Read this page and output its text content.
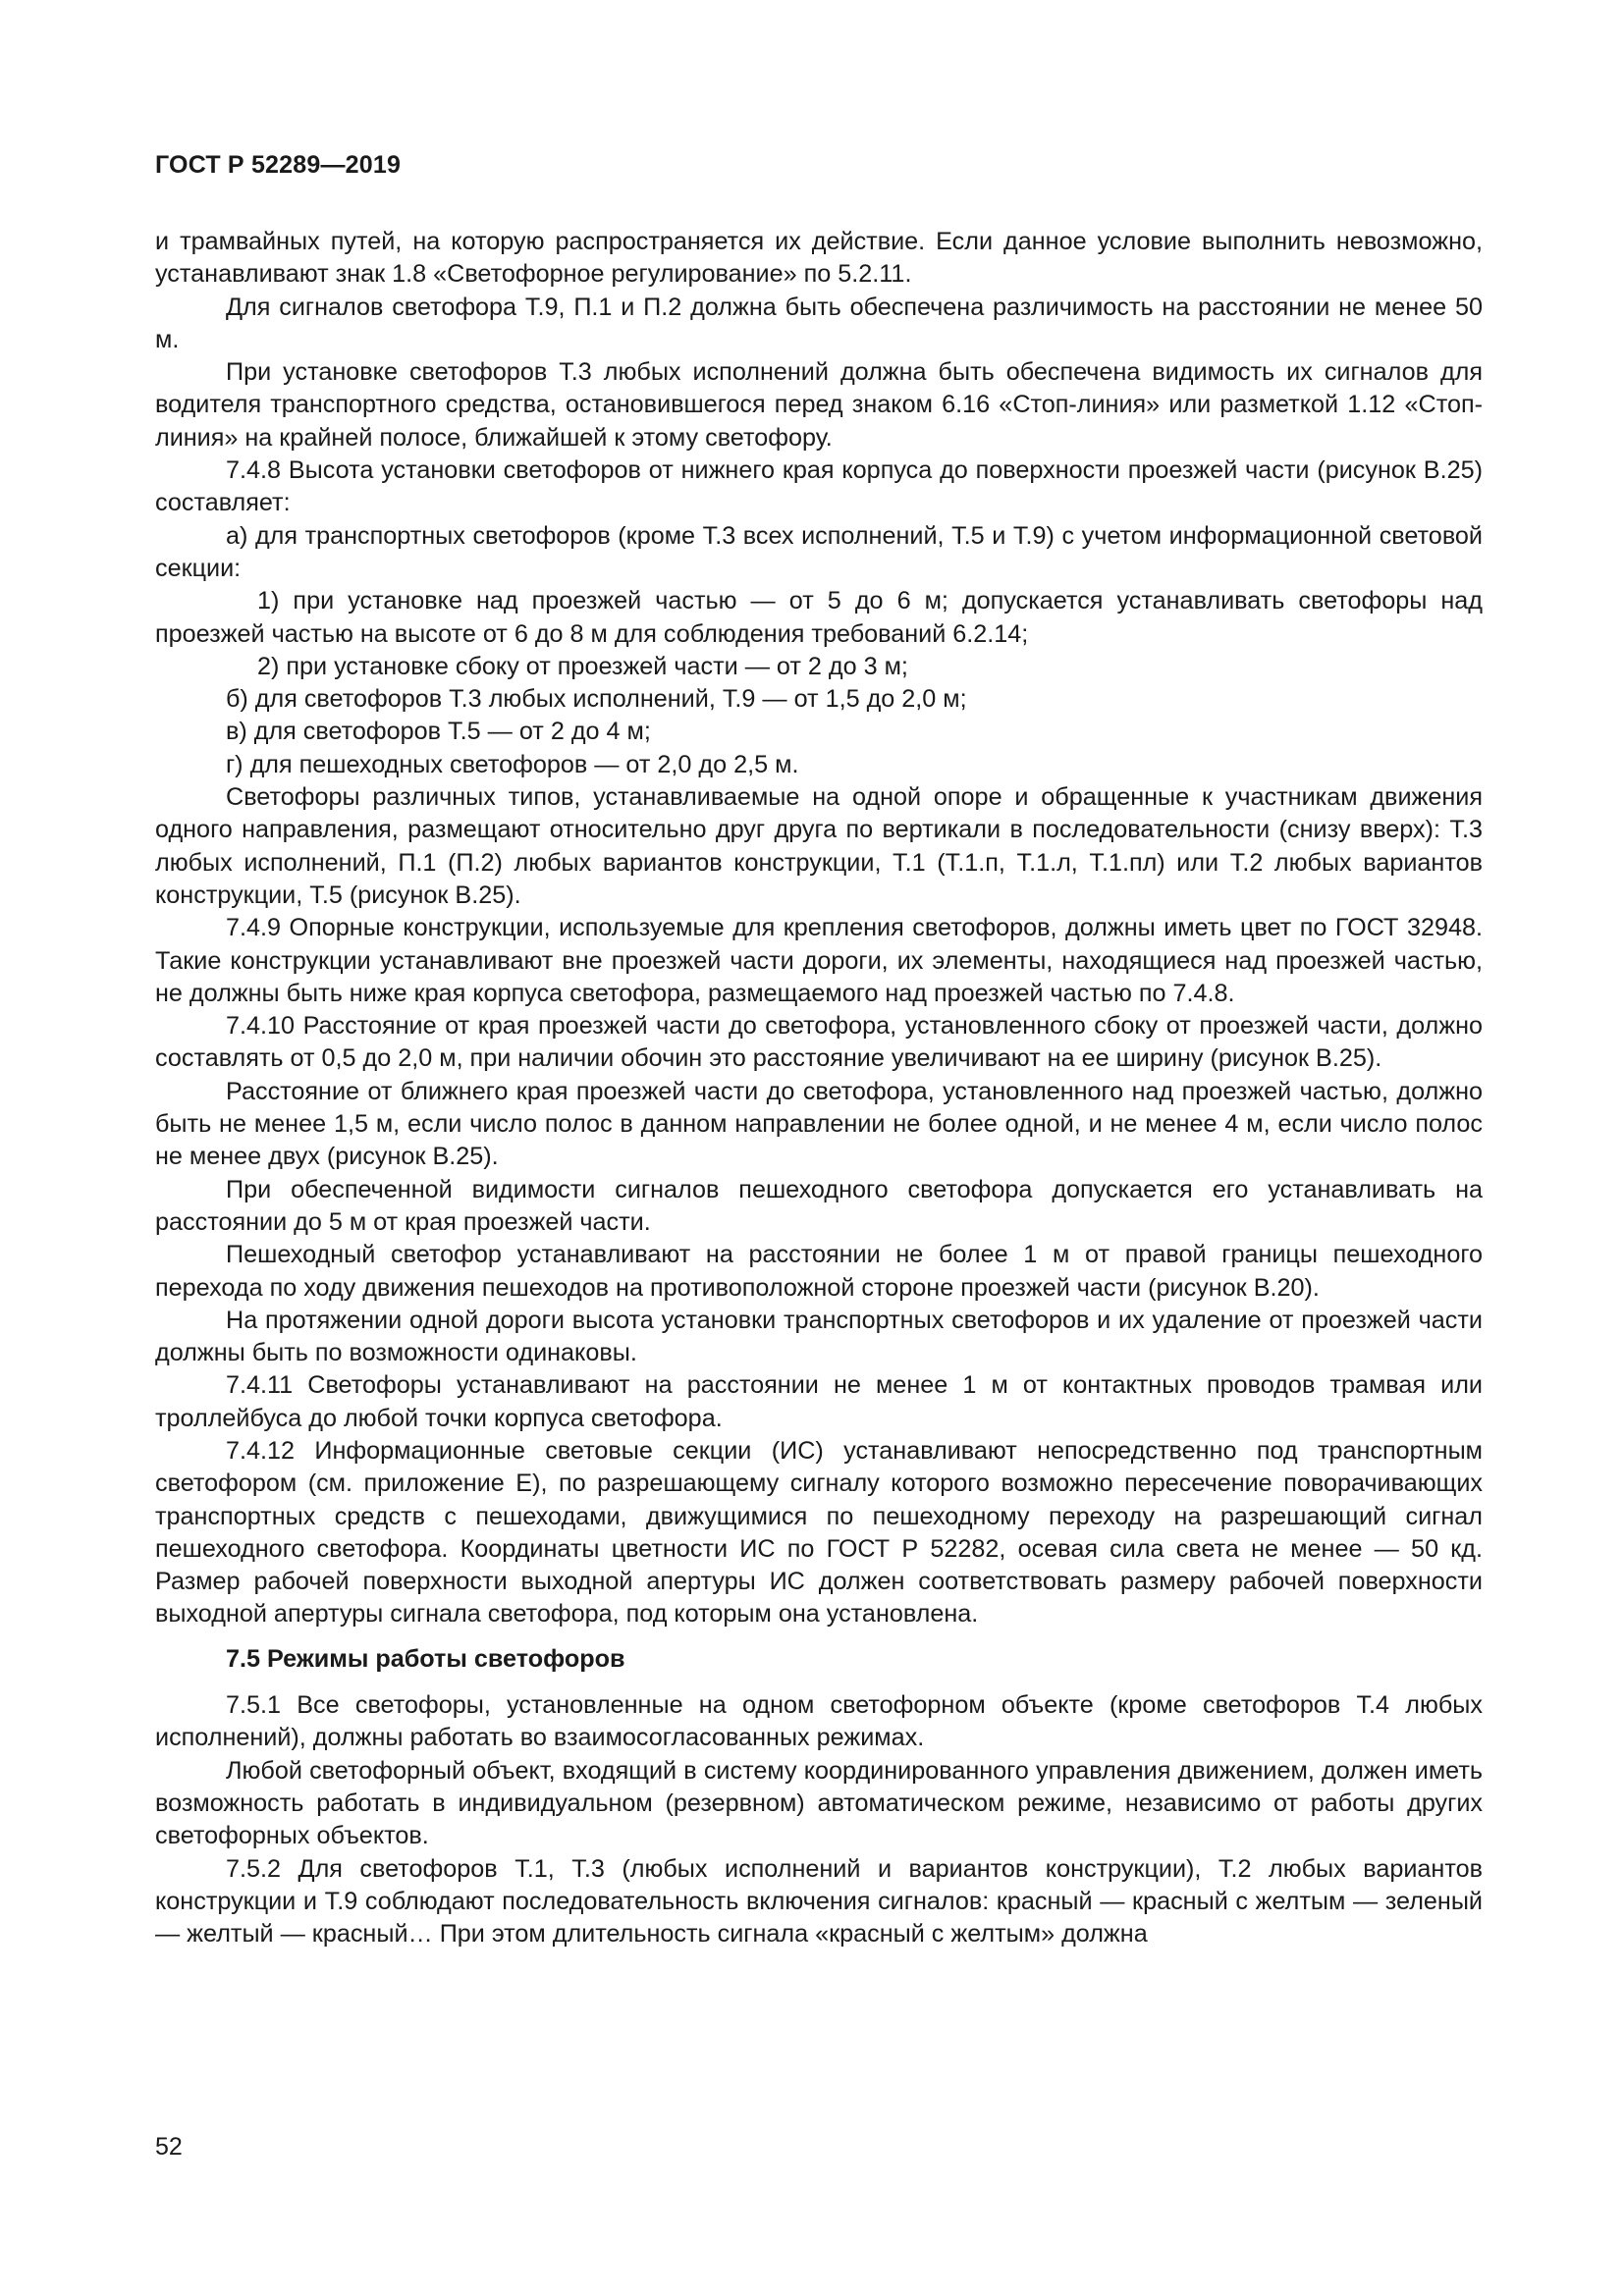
ГОСТ Р 52289—2019

и трамвайных путей, на которую распространяется их действие. Если данное условие выполнить невозможно, устанавливают знак 1.8 «Светофорное регулирование» по 5.2.11.

Для сигналов светофора Т.9, П.1 и П.2 должна быть обеспечена различимость на расстоянии не менее 50 м.

При установке светофоров Т.3 любых исполнений должна быть обеспечена видимость их сигналов для водителя транспортного средства, остановившегося перед знаком 6.16 «Стоп-линия» или разметкой 1.12 «Стоп-линия» на крайней полосе, ближайшей к этому светофору.

7.4.8 Высота установки светофоров от нижнего края корпуса до поверхности проезжей части (рисунок В.25) составляет:

а) для транспортных светофоров (кроме Т.3 всех исполнений, Т.5 и Т.9) с учетом информационной световой секции:

1) при установке над проезжей частью — от 5 до 6 м; допускается устанавливать светофоры над проезжей частью на высоте от 6 до 8 м для соблюдения требований 6.2.14;

2) при установке сбоку от проезжей части — от 2 до 3 м;

б) для светофоров Т.3 любых исполнений, Т.9 — от 1,5 до 2,0 м;

в) для светофоров Т.5 — от 2 до 4 м;

г) для пешеходных светофоров — от 2,0 до 2,5 м.

Светофоры различных типов, устанавливаемые на одной опоре и обращенные к участникам движения одного направления, размещают относительно друг друга по вертикали в последовательности (снизу вверх): Т.3 любых исполнений, П.1 (П.2) любых вариантов конструкции, Т.1 (Т.1.п, Т.1.л, Т.1.пл) или Т.2 любых вариантов конструкции, Т.5 (рисунок В.25).

7.4.9 Опорные конструкции, используемые для крепления светофоров, должны иметь цвет по ГОСТ 32948. Такие конструкции устанавливают вне проезжей части дороги, их элементы, находящиеся над проезжей частью, не должны быть ниже края корпуса светофора, размещаемого над проезжей частью по 7.4.8.

7.4.10 Расстояние от края проезжей части до светофора, установленного сбоку от проезжей части, должно составлять от 0,5 до 2,0 м, при наличии обочин это расстояние увеличивают на ее ширину (рисунок В.25).

Расстояние от ближнего края проезжей части до светофора, установленного над проезжей частью, должно быть не менее 1,5 м, если число полос в данном направлении не более одной, и не менее 4 м, если число полос не менее двух (рисунок В.25).

При обеспеченной видимости сигналов пешеходного светофора допускается его устанавливать на расстоянии до 5 м от края проезжей части.

Пешеходный светофор устанавливают на расстоянии не более 1 м от правой границы пешеходного перехода по ходу движения пешеходов на противоположной стороне проезжей части (рисунок В.20).

На протяжении одной дороги высота установки транспортных светофоров и их удаление от проезжей части должны быть по возможности одинаковы.

7.4.11 Светофоры устанавливают на расстоянии не менее 1 м от контактных проводов трамвая или троллейбуса до любой точки корпуса светофора.

7.4.12 Информационные световые секции (ИС) устанавливают непосредственно под транспортным светофором (см. приложение Е), по разрешающему сигналу которого возможно пересечение поворачивающих транспортных средств с пешеходами, движущимися по пешеходному переходу на разрешающий сигнал пешеходного светофора. Координаты цветности ИС по ГОСТ Р 52282, осевая сила света не менее — 50 кд. Размер рабочей поверхности выходной апертуры ИС должен соответствовать размеру рабочей поверхности выходной апертуры сигнала светофора, под которым она установлена.

7.5 Режимы работы светофоров

7.5.1 Все светофоры, установленные на одном светофорном объекте (кроме светофоров Т.4 любых исполнений), должны работать во взаимосогласованных режимах.

Любой светофорный объект, входящий в систему координированного управления движением, должен иметь возможность работать в индивидуальном (резервном) автоматическом режиме, независимо от работы других светофорных объектов.

7.5.2 Для светофоров Т.1, Т.3 (любых исполнений и вариантов конструкции), Т.2 любых вариантов конструкции и Т.9 соблюдают последовательность включения сигналов: красный — красный с желтым — зеленый — желтый — красный… При этом длительность сигнала «красный с желтым» должна

52
